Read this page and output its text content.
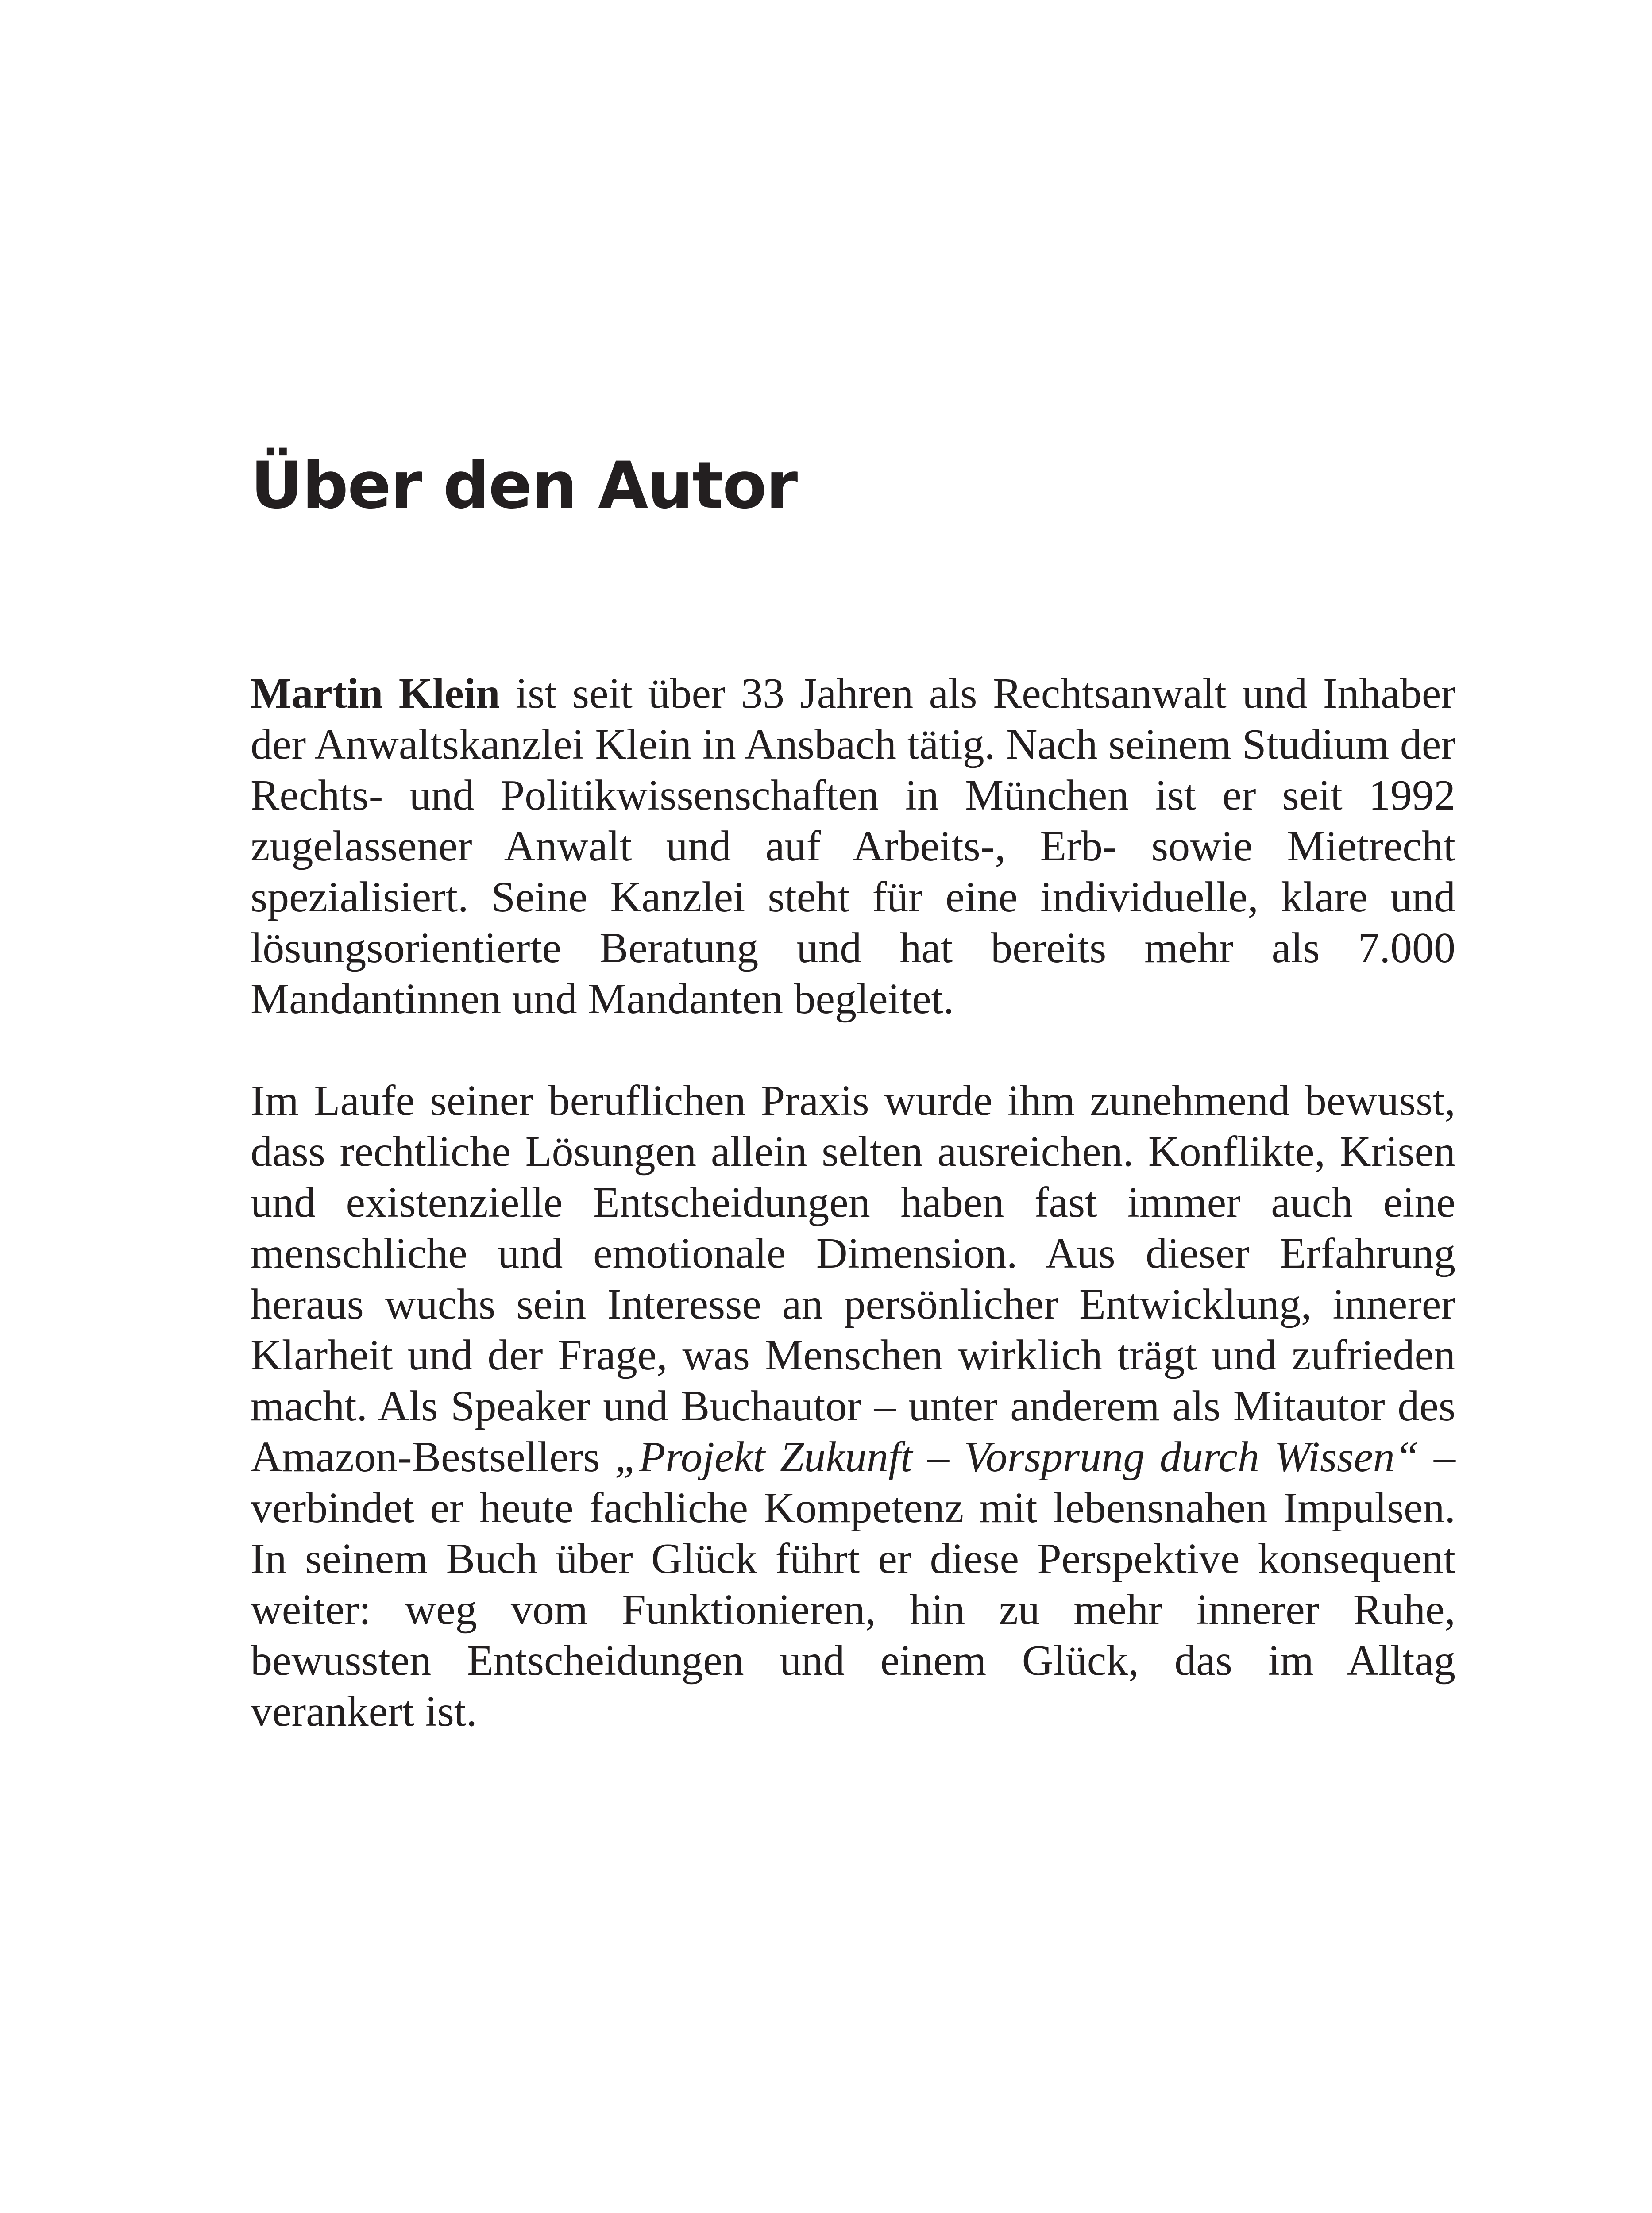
Über den Autor

Martin Klein ist seit über 33 Jahren als Rechtsanwalt und Inhaber der Anwaltskanzlei Klein in Ansbach tätig. Nach seinem Studium der Rechts- und Politikwissenschaften in München ist er seit 1992 zugelassener Anwalt und auf Arbeits-, Erb- sowie Mietrecht spezialisiert. Seine Kanzlei steht für eine individuelle, klare und lösungsorientierte Beratung und hat bereits mehr als 7.000 Mandantinnen und Mandanten begleitet.

Im Laufe seiner beruflichen Praxis wurde ihm zunehmend bewusst, dass rechtliche Lösungen allein selten ausreichen. Konflikte, Krisen und existenzielle Entscheidungen haben fast immer auch eine menschliche und emotionale Dimension. Aus dieser Erfahrung heraus wuchs sein Interesse an persönlicher Entwicklung, innerer Klarheit und der Frage, was Menschen wirklich trägt und zufrieden macht. Als Speaker und Buchautor – unter anderem als Mitautor des Amazon-Bestsellers „Projekt Zukunft – Vorsprung durch Wissen“ – verbindet er heute fachliche Kompetenz mit lebensnahen Impulsen. In seinem Buch über Glück führt er diese Perspektive konsequent weiter: weg vom Funktionieren, hin zu mehr innerer Ruhe, bewussten Entscheidungen und einem Glück, das im Alltag verankert ist.
